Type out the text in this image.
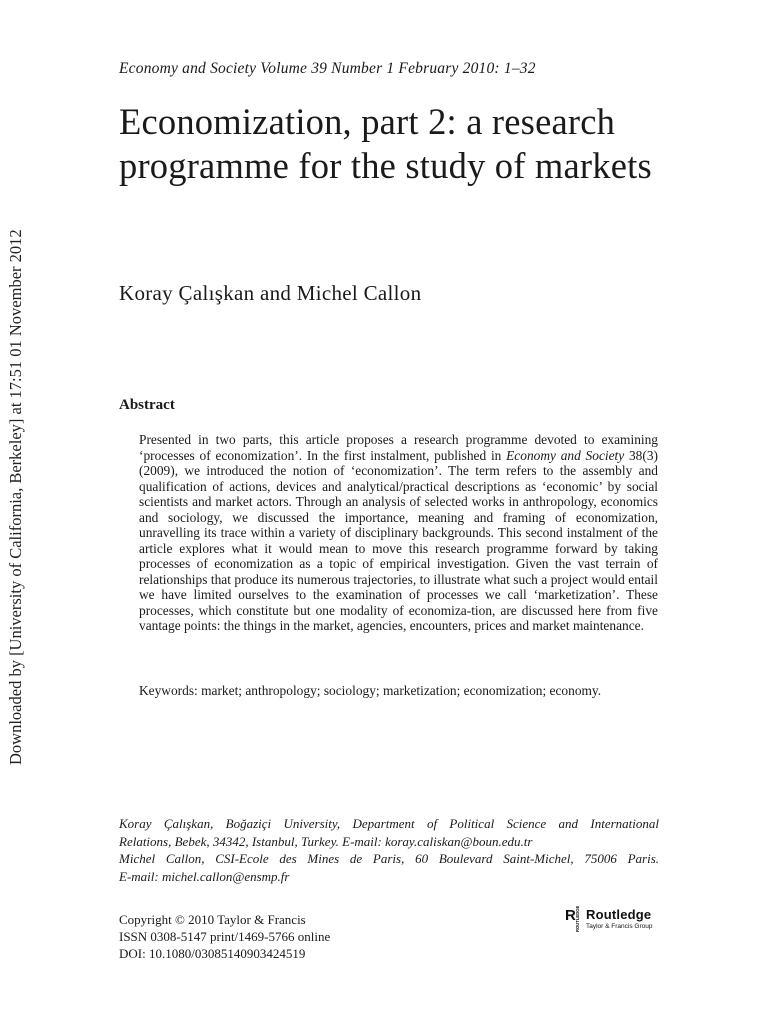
Downloaded by [University of California, Berkeley] at 17:51 01 November 2012
Economy and Society Volume 39 Number 1 February 2010: 1–32
Economization, part 2: a research programme for the study of markets
Koray Çalışkan and Michel Callon
Abstract

Presented in two parts, this article proposes a research programme devoted to examining ‘processes of economization’. In the first instalment, published in Economy and Society 38(3) (2009), we introduced the notion of ‘economization’. The term refers to the assembly and qualification of actions, devices and analytical/practical descriptions as ‘economic’ by social scientists and market actors. Through an analysis of selected works in anthropology, economics and sociology, we discussed the importance, meaning and framing of economization, unravelling its trace within a variety of disciplinary backgrounds. This second instalment of the article explores what it would mean to move this research programme forward by taking processes of economization as a topic of empirical investigation. Given the vast terrain of relationships that produce its numerous trajectories, to illustrate what such a project would entail we have limited ourselves to the examination of processes we call ‘marketization’. These processes, which constitute but one modality of economiza-tion, are discussed here from five vantage points: the things in the market, agencies, encounters, prices and market maintenance.

Keywords: market; anthropology; sociology; marketization; economization; economy.

Koray Çalışkan, Boğaziçi University, Department of Political Science and International
Relations, Bebek, 34342, Istanbul, Turkey. E-mail: koray.caliskan@boun.edu.tr
Michel Callon, CSI-Ecole des Mines de Paris, 60 Boulevard Saint-Michel, 75006 Paris.
E-mail: michel.callon@ensmp.fr
Copyright © 2010 Taylor & Francis
ISSN 0308-5147 print/1469-5766 online
DOI: 10.1080/03085140903424519
R ROUTLEDGE Routledge
Taylor & Francis Group
